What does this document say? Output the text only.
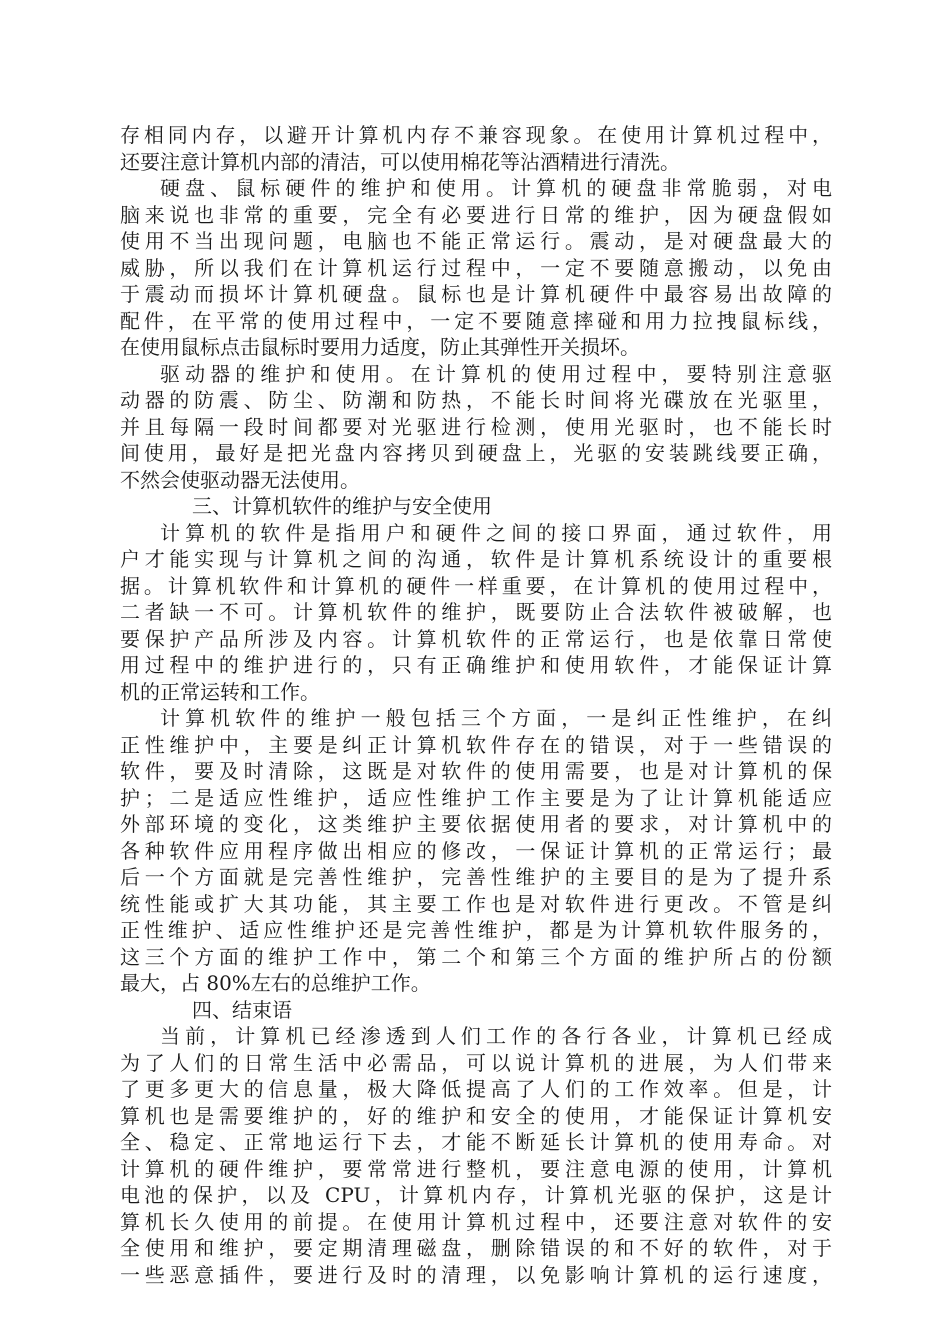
存相同内存，以避开计算机内存不兼容现象。在使用计算机过程中，
还要注意计算机内部的清洁，可以使用棉花等沾酒精进行清洗。
硬盘、鼠标硬件的维护和使用。计算机的硬盘非常脆弱，对电
脑来说也非常的重要，完全有必要进行日常的维护，因为硬盘假如
使用不当出现问题，电脑也不能正常运行。震动，是对硬盘最大的
威胁，所以我们在计算机运行过程中，一定不要随意搬动，以免由
于震动而损坏计算机硬盘。鼠标也是计算机硬件中最容易出故障的
配件，在平常的使用过程中，一定不要随意摔碰和用力拉拽鼠标线，
在使用鼠标点击鼠标时要用力适度，防止其弹性开关损坏。
驱动器的维护和使用。在计算机的使用过程中，要特别注意驱
动器的防震、防尘、防潮和防热，不能长时间将光碟放在光驱里，
并且每隔一段时间都要对光驱进行检测，使用光驱时，也不能长时
间使用，最好是把光盘内容拷贝到硬盘上，光驱的安装跳线要正确，
不然会使驱动器无法使用。
三、计算机软件的维护与安全使用
计算机的软件是指用户和硬件之间的接口界面，通过软件，用
户才能实现与计算机之间的沟通，软件是计算机系统设计的重要根
据。计算机软件和计算机的硬件一样重要，在计算机的使用过程中，
二者缺一不可。计算机软件的维护，既要防止合法软件被破解，也
要保护产品所涉及内容。计算机软件的正常运行，也是依靠日常使
用过程中的维护进行的，只有正确维护和使用软件，才能保证计算
机的正常运转和工作。
计算机软件的维护一般包括三个方面，一是纠正性维护，在纠
正性维护中，主要是纠正计算机软件存在的错误，对于一些错误的
软件，要及时清除，这既是对软件的使用需要，也是对计算机的保
护；二是适应性维护，适应性维护工作主要是为了让计算机能适应
外部环境的变化，这类维护主要依据使用者的要求，对计算机中的
各种软件应用程序做出相应的修改，一保证计算机的正常运行；最
后一个方面就是完善性维护，完善性维护的主要目的是为了提升系
统性能或扩大其功能，其主要工作也是对软件进行更改。不管是纠
正性维护、适应性维护还是完善性维护，都是为计算机软件服务的，
这三个方面的维护工作中，第二个和第三个方面的维护所占的份额
最大，占 80%左右的总维护工作。
四、结束语
当前，计算机已经渗透到人们工作的各行各业，计算机已经成
为了人们的日常生活中必需品，可以说计算机的进展，为人们带来
了更多更大的信息量，极大降低提高了人们的工作效率。但是，计
算机也是需要维护的，好的维护和安全的使用，才能保证计算机安
全、稳定、正常地运行下去，才能不断延长计算机的使用寿命。对
计算机的硬件维护，要常常进行整机，要注意电源的使用，计算机
电池的保护，以及 CPU，计算机内存，计算机光驱的保护，这是计
算机长久使用的前提。在使用计算机过程中，还要注意对软件的安
全使用和维护，要定期清理磁盘，删除错误的和不好的软件，对于
一些恶意插件，要进行及时的清理，以免影响计算机的运行速度，
